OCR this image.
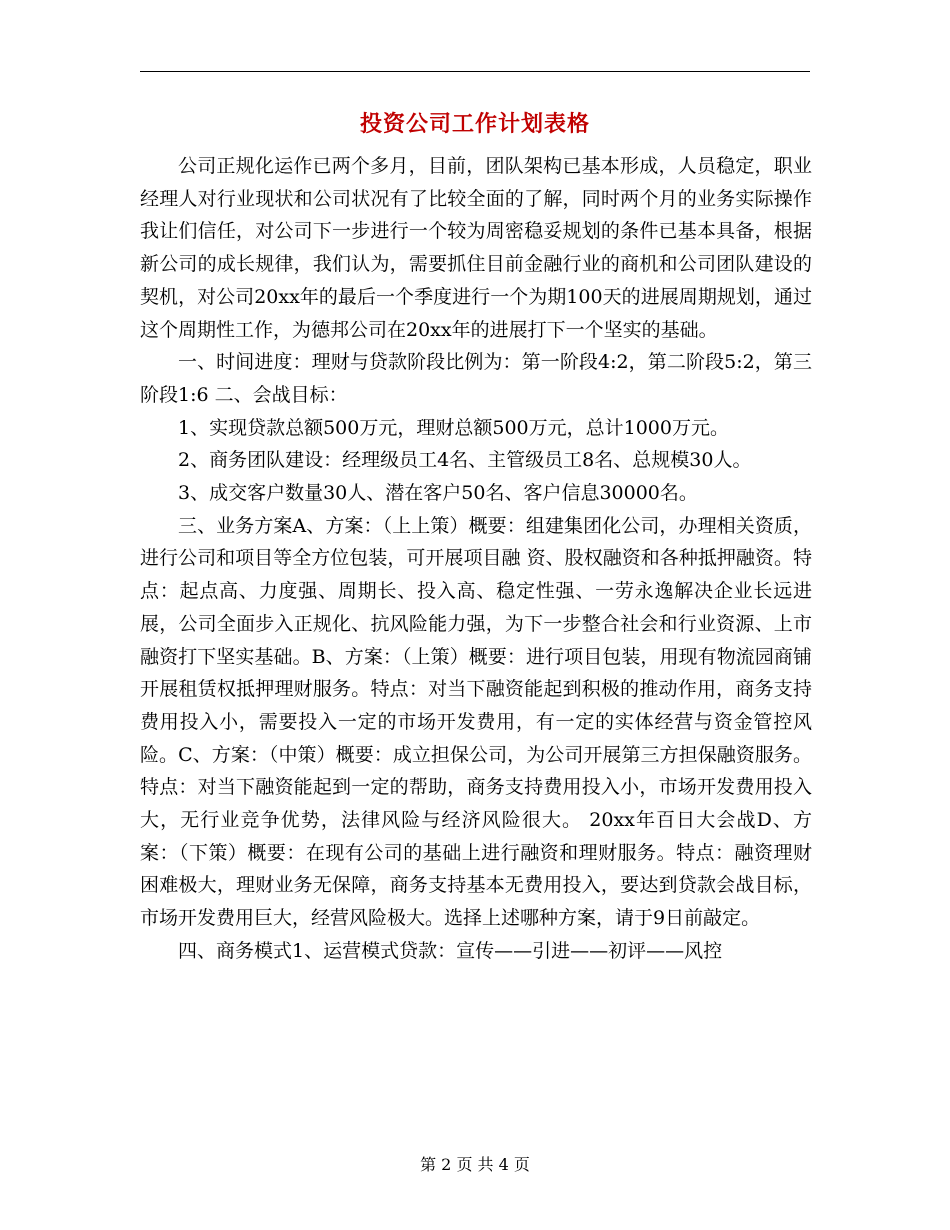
投资公司工作计划表格

公司正规化运作已两个多月，目前，团队架构已基本形成，人员稳定，职业经理人对行业现状和公司状况有了比较全面的了解，同时两个月的业务实际操作我让们信任，对公司下一步进行一个较为周密稳妥规划的条件已基本具备，根据新公司的成长规律，我们认为，需要抓住目前金融行业的商机和公司团队建设的契机，对公司20xx年的最后一个季度进行一个为期100天的进展周期规划，通过这个周期性工作，为德邦公司在20xx年的进展打下一个坚实的基础。

一、时间进度：理财与贷款阶段比例为：第一阶段4:2，第二阶段5:2，第三阶段1:6 二、会战目标：

1、实现贷款总额500万元，理财总额500万元，总计1000万元。

2、商务团队建设：经理级员工4名、主管级员工8名、总规模30人。

3、成交客户数量30人、潜在客户50名、客户信息30000名。

三、业务方案A、方案：（上上策）概要：组建集团化公司，办理相关资质，进行公司和项目等全方位包装，可开展项目融 资、股权融资和各种抵押融资。特点：起点高、力度强、周期长、投入高、稳定性强、一劳永逸解决企业长远进展，公司全面步入正规化、抗风险能力强，为下一步整合社会和行业资源、上市融资打下坚实基础。B、方案：（上策）概要：进行项目包装，用现有物流园商铺开展租赁权抵押理财服务。特点：对当下融资能起到积极的推动作用，商务支持费用投入小，需要投入一定的市场开发费用，有一定的实体经营与资金管控风险。C、方案：（中策）概要：成立担保公司，为公司开展第三方担保融资服务。特点：对当下融资能起到一定的帮助，商务支持费用投入小，市场开发费用投入大，无行业竞争优势，法律风险与经济风险很大。 20xx年百日大会战D、方案：（下策）概要：在现有公司的基础上进行融资和理财服务。特点：融资理财困难极大，理财业务无保障，商务支持基本无费用投入，要达到贷款会战目标，市场开发费用巨大，经营风险极大。选择上述哪种方案，请于9日前敲定。

四、商务模式1、运营模式贷款：宣传——引进——初评——风控

第 2 页 共 4 页
